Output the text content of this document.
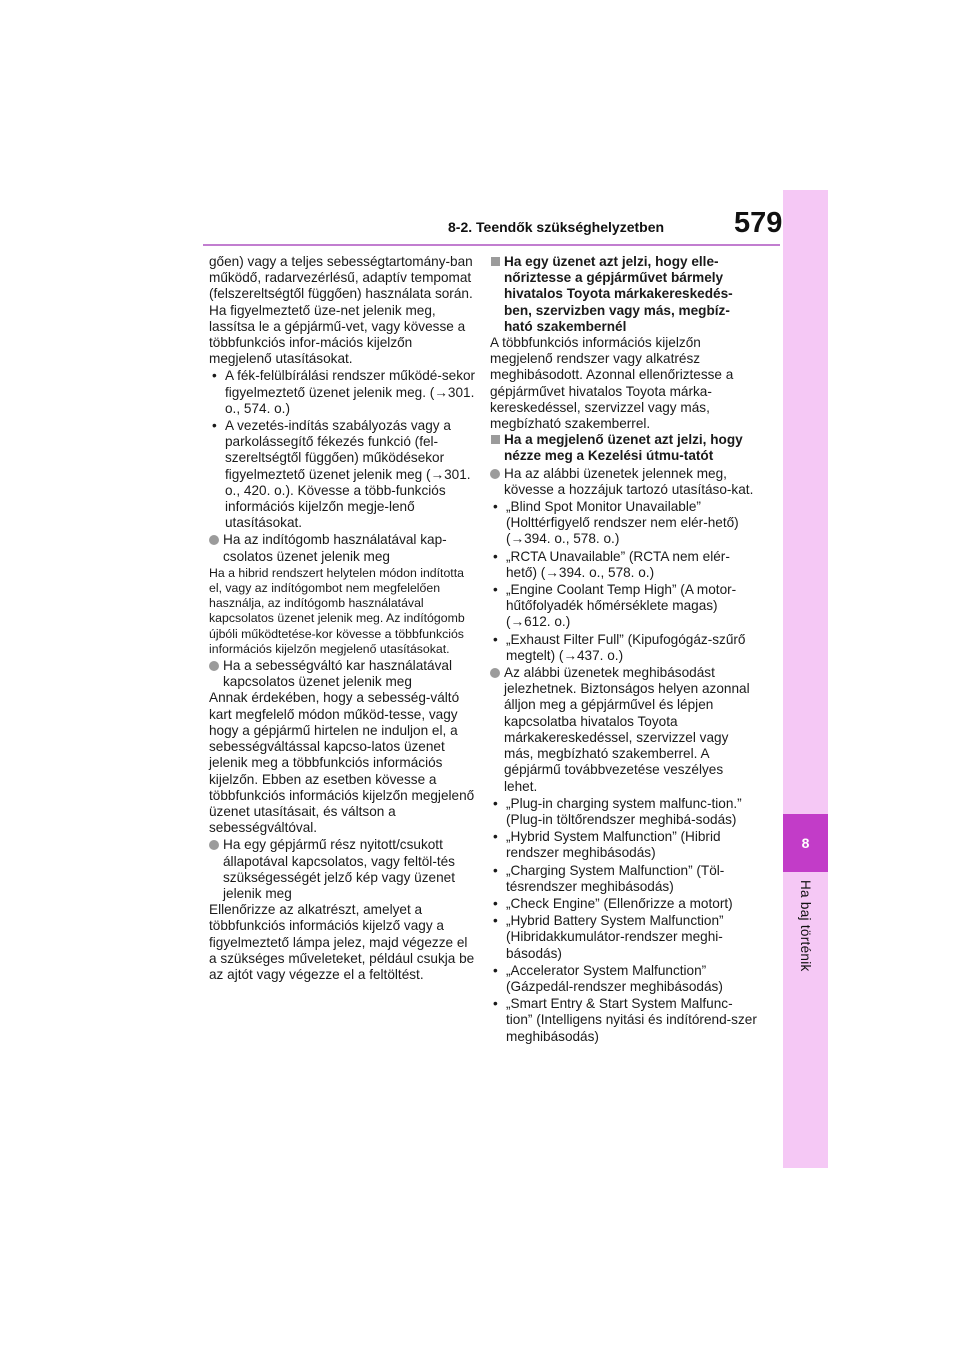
8
Ha baj történik
8-2. Teendők szükséghelyzetben 579

gően) vagy a teljes sebességtartomány-ban működő, radarvezérlésű, adaptív tempomat (felszereltségtől függően) használata során. Ha figyelmeztető üze-net jelenik meg, lassítsa le a gépjármű-vet, vagy kövesse a többfunkciós infor-mációs kijelzőn megjelenő utasításokat.

• A fék-felülbírálási rendszer működé-sekor figyelmeztető üzenet jelenik meg. (→301. o., 574. o.)
• A vezetés-indítás szabályozás vagy a parkolássegítő fékezés funkció (fel-szereltségtől függően) működésekor figyelmeztető üzenet jelenik meg (→301. o., 420. o.). Kövesse a több-funkciós információs kijelzőn megje-lenő utasításokat.
Ha az indítógomb használatával kap-csolatos üzenet jelenik meg

Ha a hibrid rendszert helytelen módon indította el, vagy az indítógombot nem megfelelően használja, az indítógomb használatával kapcsolatos üzenet jelenik meg. Az indítógomb újbóli működtetése-kor kövesse a többfunkciós információs kijelzőn megjelenő utasításokat.

Ha a sebességváltó kar használatával kapcsolatos üzenet jelenik meg

Annak érdekében, hogy a sebesség-váltó kart megfelelő módon működ-tesse, vagy hogy a gépjármű hirtelen ne induljon el, a sebességváltással kapcso-latos üzenet jelenik meg a többfunkciós információs kijelzőn. Ebben az esetben kövesse a többfunkciós információs kijelzőn megjelenő üzenet utasításait, és váltson a sebességváltóval.

Ha egy gépjármű rész nyitott/csukott állapotával kapcsolatos, vagy feltöl-tés szükségességét jelző kép vagy üzenet jelenik meg

Ellenőrizze az alkatrészt, amelyet a többfunkciós információs kijelző vagy a figyelmeztető lámpa jelez, majd végezze el a szükséges műveleteket, például csukja be az ajtót vagy végezze el a feltöltést.

Ha egy üzenet azt jelzi, hogy elle-nőriztesse a gépjárművet bármely hivatalos Toyota márkakereskedés-ben, szervizben vagy más, megbíz-ható szakembernél

A többfunkciós információs kijelzőn megjelenő rendszer vagy alkatrész meghibásodott. Azonnal ellenőriztesse a gépjárművet hivatalos Toyota márka-kereskedéssel, szervizzel vagy más, megbízható szakemberrel.

Ha a megjelenő üzenet azt jelzi, hogy nézze meg a Kezelési útmu-tatót
Ha az alábbi üzenetek jelennek meg, kövesse a hozzájuk tartozó utasításo-kat.
• „Blind Spot Monitor Unavailable” (Holttérfigyelő rendszer nem elér-hető)(→394. o., 578. o.)
• „RCTA Unavailable” (RCTA nem elér-hető) (→394. o., 578. o.)
• „Engine Coolant Temp High” (A motor-hűtőfolyadék hőmérséklete magas) (→612. o.)
• „Exhaust Filter Full” (Kipufogógáz-szűrő megtelt) (→437. o.)
Az alábbi üzenetek meghibásodást jelezhetnek. Biztonságos helyen azonnal álljon meg a gépjárművel és lépjen kapcsolatba hivatalos Toyota márkakereskedéssel, szervizzel vagy más, megbízható szakemberrel. A gépjármű továbbvezetése veszélyes lehet.
• „Plug-in charging system malfunc-tion.” (Plug-in töltőrendszer meghibá-sodás)
• „Hybrid System Malfunction” (Hibrid rendszer meghibásodás)
• „Charging System Malfunction” (Töl-tésrendszer meghibásodás)
• „Check Engine” (Ellenőrizze a motort)
• „Hybrid Battery System Malfunction” (Hibridakkumulátor-rendszer meghi-básodás)
• „Accelerator System Malfunction” (Gázpedál-rendszer meghibásodás)
• „Smart Entry & Start System Malfunc-tion” (Intelligens nyitási és indítórend-szer meghibásodás)
